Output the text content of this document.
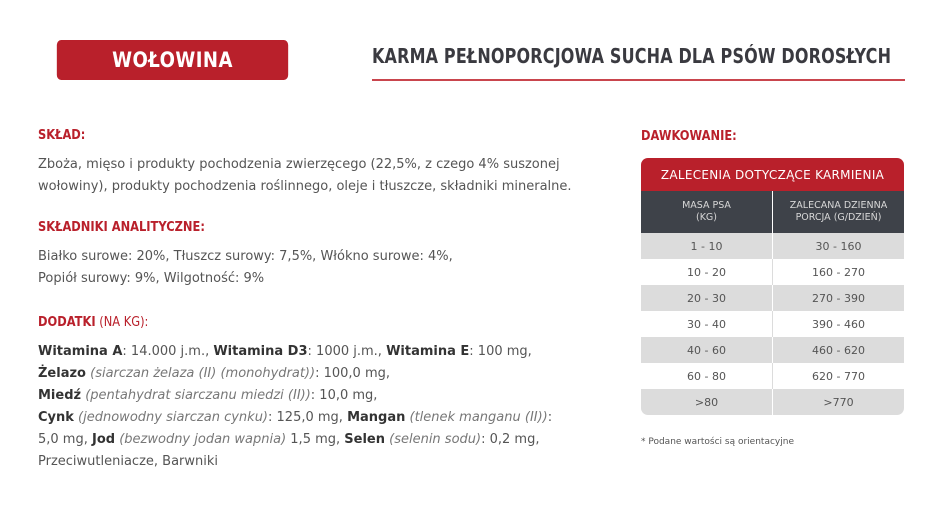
WOŁOWINA	KARMA PEŁNOPORCJOWA SUCHA DLA PSÓW DOROSŁYCH
SKŁAD:
Zboża, mięso i produkty pochodzenia zwierzęcego (22,5%, z czego 4% suszonej
wołowiny), produkty pochodzenia roślinnego, oleje i tłuszcze, składniki mineralne.
SKŁADNIKI ANALITYCZNE:
Białko surowe: 20%, Tłuszcz surowy: 7,5%, Włókno surowe: 4%,
Popiół surowy: 9%, Wilgotność: 9%
DODATKI (NA KG):
Witamina A: 14.000 j.m., Witamina D3: 1000 j.m., Witamina E: 100 mg,
Żelazo (siarczan żelaza (II) (monohydrat)): 100,0 mg,
Miedź (pentahydrat siarczanu miedzi (II)): 10,0 mg,
Cynk (jednowodny siarczan cynku): 125,0 mg, Mangan (tlenek manganu (II)):
5,0 mg, Jod (bezwodny jodan wapnia) 1,5 mg, Selen (selenin sodu): 0,2 mg,
Przeciwutleniacze, Barwniki
DAWKOWANIE:
ZALECENIA DOTYCZĄCE KARMIENIA
MASA PSA
(KG)
ZALECANA DZIENNA
PORCJA (G/DZIEŃ)
1 - 10	30 - 160
10 - 20	160 - 270
20 - 30	270 - 390
30 - 40	390 - 460
40 - 60	460 - 620
60 - 80	620 - 770
>80	>770
* Podane wartości są orientacyjne
